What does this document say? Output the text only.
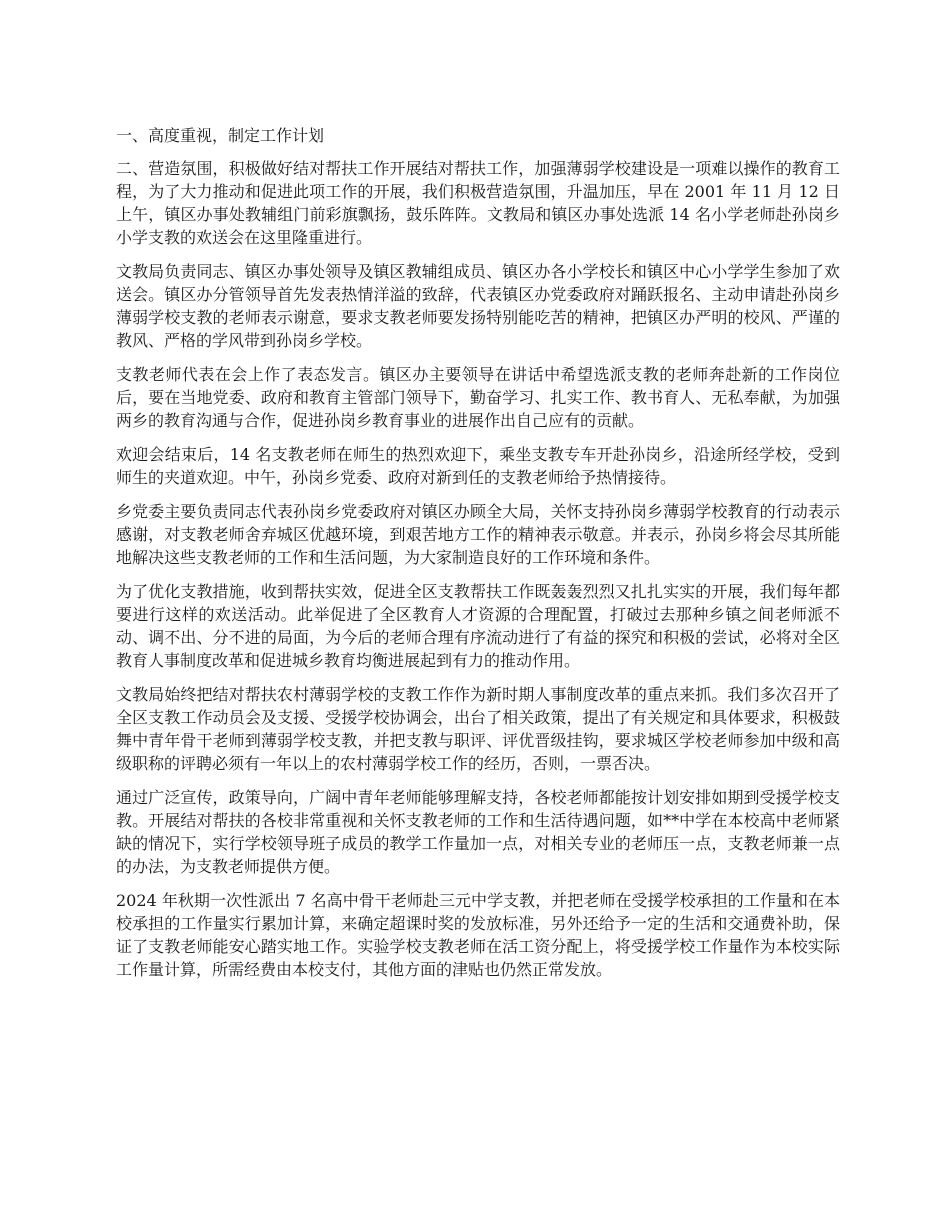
一、高度重视，制定工作计划

二、营造氛围，积极做好结对帮扶工作开展结对帮扶工作，加强薄弱学校建设是一项难以操作的教育工程，为了大力推动和促进此项工作的开展，我们积极营造氛围，升温加压，早在 2001 年 11 月 12 日上午，镇区办事处教辅组门前彩旗飘扬，鼓乐阵阵。文教局和镇区办事处选派 14 名小学老师赴孙岗乡小学支教的欢送会在这里隆重进行。

文教局负责同志、镇区办事处领导及镇区教辅组成员、镇区办各小学校长和镇区中心小学学生参加了欢送会。镇区办分管领导首先发表热情洋溢的致辞，代表镇区办党委政府对踊跃报名、主动申请赴孙岗乡薄弱学校支教的老师表示谢意，要求支教老师要发扬特别能吃苦的精神，把镇区办严明的校风、严谨的教风、严格的学风带到孙岗乡学校。

支教老师代表在会上作了表态发言。镇区办主要领导在讲话中希望选派支教的老师奔赴新的工作岗位后，要在当地党委、政府和教育主管部门领导下，勤奋学习、扎实工作、教书育人、无私奉献，为加强两乡的教育沟通与合作，促进孙岗乡教育事业的进展作出自己应有的贡献。

欢迎会结束后，14 名支教老师在师生的热烈欢迎下，乘坐支教专车开赴孙岗乡，沿途所经学校，受到师生的夹道欢迎。中午，孙岗乡党委、政府对新到任的支教老师给予热情接待。

乡党委主要负责同志代表孙岗乡党委政府对镇区办顾全大局，关怀支持孙岗乡薄弱学校教育的行动表示感谢，对支教老师舍弃城区优越环境，到艰苦地方工作的精神表示敬意。并表示，孙岗乡将会尽其所能地解决这些支教老师的工作和生活问题，为大家制造良好的工作环境和条件。

为了优化支教措施，收到帮扶实效，促进全区支教帮扶工作既轰轰烈烈又扎扎实实的开展，我们每年都要进行这样的欢送活动。此举促进了全区教育人才资源的合理配置，打破过去那种乡镇之间老师派不动、调不出、分不进的局面，为今后的老师合理有序流动进行了有益的探究和积极的尝试，必将对全区教育人事制度改革和促进城乡教育均衡进展起到有力的推动作用。

文教局始终把结对帮扶农村薄弱学校的支教工作作为新时期人事制度改革的重点来抓。我们多次召开了全区支教工作动员会及支援、受援学校协调会，出台了相关政策，提出了有关规定和具体要求，积极鼓舞中青年骨干老师到薄弱学校支教，并把支教与职评、评优晋级挂钩，要求城区学校老师参加中级和高级职称的评聘必须有一年以上的农村薄弱学校工作的经历，否则，一票否决。

通过广泛宣传，政策导向，广阔中青年老师能够理解支持，各校老师都能按计划安排如期到受援学校支教。开展结对帮扶的各校非常重视和关怀支教老师的工作和生活待遇问题，如**中学在本校高中老师紧缺的情况下，实行学校领导班子成员的教学工作量加一点，对相关专业的老师压一点，支教老师兼一点的办法，为支教老师提供方便。

2024 年秋期一次性派出 7 名高中骨干老师赴三元中学支教，并把老师在受援学校承担的工作量和在本校承担的工作量实行累加计算，来确定超课时奖的发放标准，另外还给予一定的生活和交通费补助，保证了支教老师能安心踏实地工作。实验学校支教老师在活工资分配上，将受援学校工作量作为本校实际工作量计算，所需经费由本校支付，其他方面的津贴也仍然正常发放。
